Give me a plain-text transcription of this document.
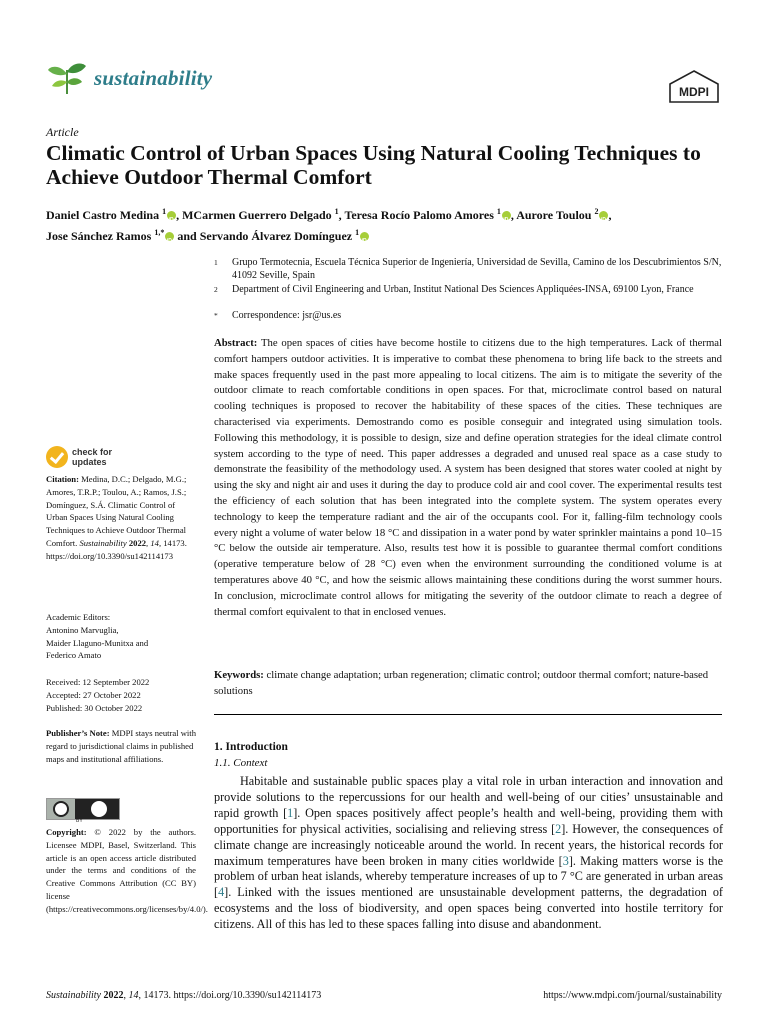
sustainability
MDPI
Article
Climatic Control of Urban Spaces Using Natural Cooling Techniques to Achieve Outdoor Thermal Comfort
Daniel Castro Medina $^1$ iD , MCarmen Guerrero Delgado $^1$, Teresa Rocío Palomo Amores $^1$ iD , Aurore Toulou $^2$ iD ,
Jose Sánchez Ramos $^{1,*}$iD and Servando Álvarez Domínguez $^1$iD
1 Grupo Termotecnia, Escuela Técnica Superior de Ingeniería, Universidad de Sevilla, Camino de los Descubrimientos S/N, 41092 Seville, Spain
2 Department of Civil Engineering and Urban, Institut National Des Sciences Appliquées-INSA, 69100 Lyon, France
* Correspondence: jsr@us.es
Abstract: The open spaces of cities have become hostile to citizens due to the high temperatures. Lack of thermal comfort hampers outdoor activities. It is imperative to combat these phenomena to bring life back to the streets and make spaces frequently used in the past more appealing to local citizens. The aim is to mitigate the severity of the outdoor climate to reach comfortable conditions in open spaces. For that, microclimate control based on natural cooling techniques is proposed to recover the habitability of these spaces of the cities. These techniques are characterised via experiments. Demostrando como es posible conseguir and integrated using simulation tools. Following this methodology, it is possible to design, size and define operation strategies for the ideal climate control system according to the type of need. This paper addresses a degraded and unused real space as a case study to demonstrate the feasibility of the methodology used. A system has been designed that stores water cooled at night by using the sky and night air and uses it during the day to produce cold air and cool cover. The experimental results test the efficiency of each solution that has been integrated into the complete system. The system operates every technology to keep the temperature radiant and the air of the occupants cool. For it, falling-film technology cools every night a volume of water below 18 °C and dissipation in a water pond by water sprinkler maintains a pond 10–15 °C below the outside air temperature. Also, results test how it is possible to guarantee thermal comfort conditions (operative temperature below of 28 °C) even when the environment surrounding the conditioned volume is at temperatures above 40 °C, and how the seismic allows maintaining these conditions during the worst summer hours. In conclusion, microclimate control allows for mitigating the severity of the outdoor climate to reach a degree of thermal comfort equivalent to that in enclosed venues.
Keywords: climate change adaptation; urban regeneration; climatic control; outdoor thermal comfort; nature-based solutions
1. Introduction
1.1. Context
Habitable and sustainable public spaces play a vital role in urban interaction and innovation and provide solutions to the repercussions for our health and well-being of our cities’ unsustainable and rapid growth [1]. Open spaces positively affect people’s health and well-being, providing them with opportunities for physical activities, socialising and relieving stress [2]. However, the consequences of climate change are increasingly noticeable around the world. In recent years, the historical records for maximum temperatures have been broken in many cities worldwide [3]. Making matters worse is the problem of urban heat islands, whereby temperature increases of up to 7 °C are generated in urban areas [4]. Linked with the issues mentioned are unsustainable development patterns, the degradation of ecosystems and the loss of biodiversity, and open spaces being converted into hostile territory for citizens. All of this has led to these spaces falling into disuse and abandonment.
check for
updates
Citation: Medina, D.C.; Delgado, M.G.; Amores, T.R.P.; Toulou, A.; Ramos, J.S.; Domínguez, S.Á. Climatic Control of Urban Spaces Using Natural Cooling Techniques to Achieve Outdoor Thermal Comfort. Sustainability 2022, 14, 14173. https://doi.org/10.3390/su142114173
Academic Editors:
Antonino Marvuglia,
Maider Llaguno-Munitxa and
Federico Amato
Received: 12 September 2022
Accepted: 27 October 2022
Published: 30 October 2022
Publisher’s Note: MDPI stays neutral with regard to jurisdictional claims in published maps and institutional affiliations.
BY
Copyright: © 2022 by the authors. Licensee MDPI, Basel, Switzerland. This article is an open access article distributed under the terms and conditions of the Creative Commons Attribution (CC BY) license (https://creativecommons.org/licenses/by/4.0/).
Sustainability 2022, 14, 14173. https://doi.org/10.3390/su142114173	https://www.mdpi.com/journal/sustainability
